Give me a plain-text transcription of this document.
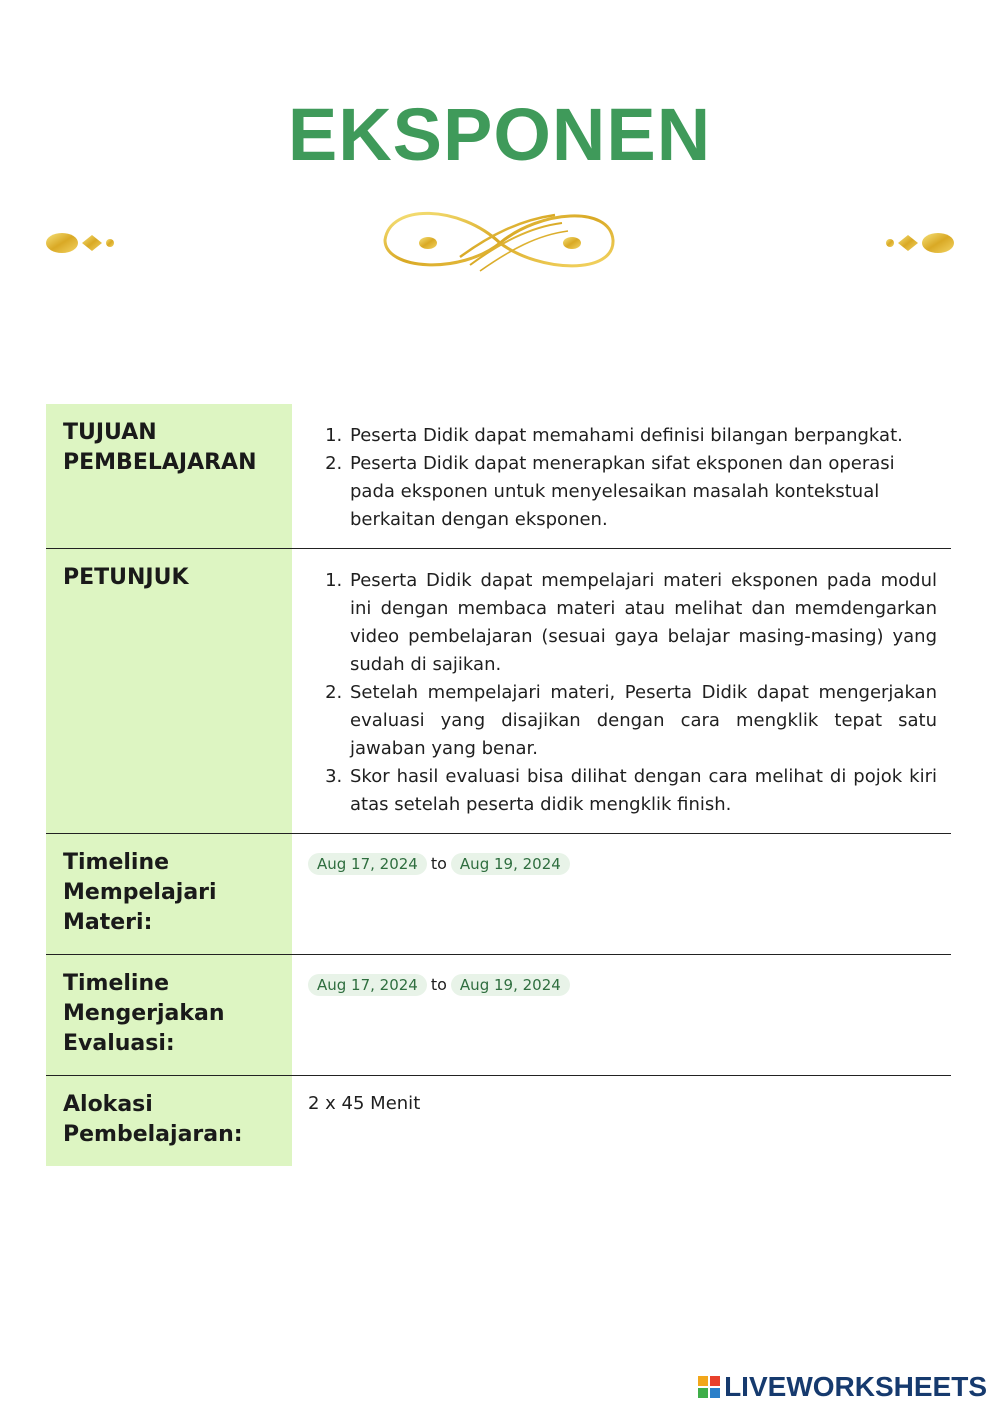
EKSPONEN
TUJUAN PEMBELAJARAN
1. Peserta Didik dapat memahami definisi bilangan berpangkat.
2. Peserta Didik dapat menerapkan sifat eksponen dan operasi pada eksponen untuk menyelesaikan masalah kontekstual berkaitan dengan eksponen.
PETUNJUK
1.	Peserta Didik dapat mempelajari materi eksponen pada modul ini dengan membaca materi atau melihat dan memdengarkan video pembelajaran (sesuai gaya belajar masing-masing) yang sudah di sajikan.
2. Setelah mempelajari materi, Peserta Didik dapat mengerjakan evaluasi yang disajikan dengan cara mengklik tepat satu jawaban yang benar.
3. Skor hasil evaluasi bisa dilihat dengan cara melihat di pojok kiri atas setelah peserta didik mengklik finish.
Timeline Mempelajari Materi:
Aug 17, 2024 to Aug 19, 2024
Timeline Mengerjakan Evaluasi:
Aug 17, 2024 to Aug 19, 2024
Alokasi Pembelajaran:
2 x 45 Menit
LIVEWORKSHEETS
